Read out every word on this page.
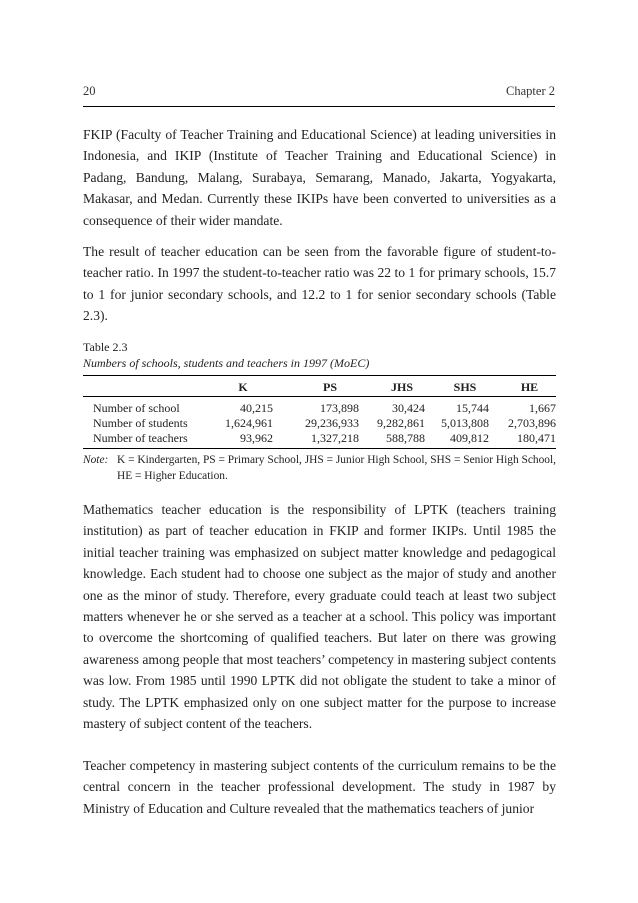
20	Chapter 2

FKIP (Faculty of Teacher Training and Educational Science) at leading universities in Indonesia, and IKIP (Institute of Teacher Training and Educational Science) in Padang, Bandung, Malang, Surabaya, Semarang, Manado, Jakarta, Yogyakarta, Makasar, and Medan. Currently these IKIPs have been converted to universities as a consequence of their wider mandate.

The result of teacher education can be seen from the favorable figure of student-to-teacher ratio. In 1997 the student-to-teacher ratio was 22 to 1 for primary schools, 15.7 to 1 for junior secondary schools, and 12.2 to 1 for senior secondary schools (Table 2.3).

Table 2.3
Numbers of schools, students and teachers in 1997 (MoEC)
	K	PS	JHS	SHS	HE
Number of school	40,215	173,898	30,424	15,744	1,667
Number of students	1,624,961	29,236,933	9,282,861	5,013,808	2,703,896
Number of teachers	93,962	1,327,218	588,788	409,812	180,471
Note: K = Kindergarten, PS = Primary School, JHS = Junior High School, SHS = Senior High School, HE = Higher Education.

Mathematics teacher education is the responsibility of LPTK (teachers training institution) as part of teacher education in FKIP and former IKIPs. Until 1985 the initial teacher training was emphasized on subject matter knowledge and pedagogical knowledge. Each student had to choose one subject as the major of study and another one as the minor of study. Therefore, every graduate could teach at least two subject matters whenever he or she served as a teacher at a school. This policy was important to overcome the shortcoming of qualified teachers. But later on there was growing awareness among people that most teachers’ competency in mastering subject contents was low. From 1985 until 1990 LPTK did not obligate the student to take a minor of study. The LPTK emphasized only on one subject matter for the purpose to increase mastery of subject content of the teachers.

Teacher competency in mastering subject contents of the curriculum remains to be the central concern in the teacher professional development. The study in 1987 by Ministry of Education and Culture revealed that the mathematics teachers of junior
